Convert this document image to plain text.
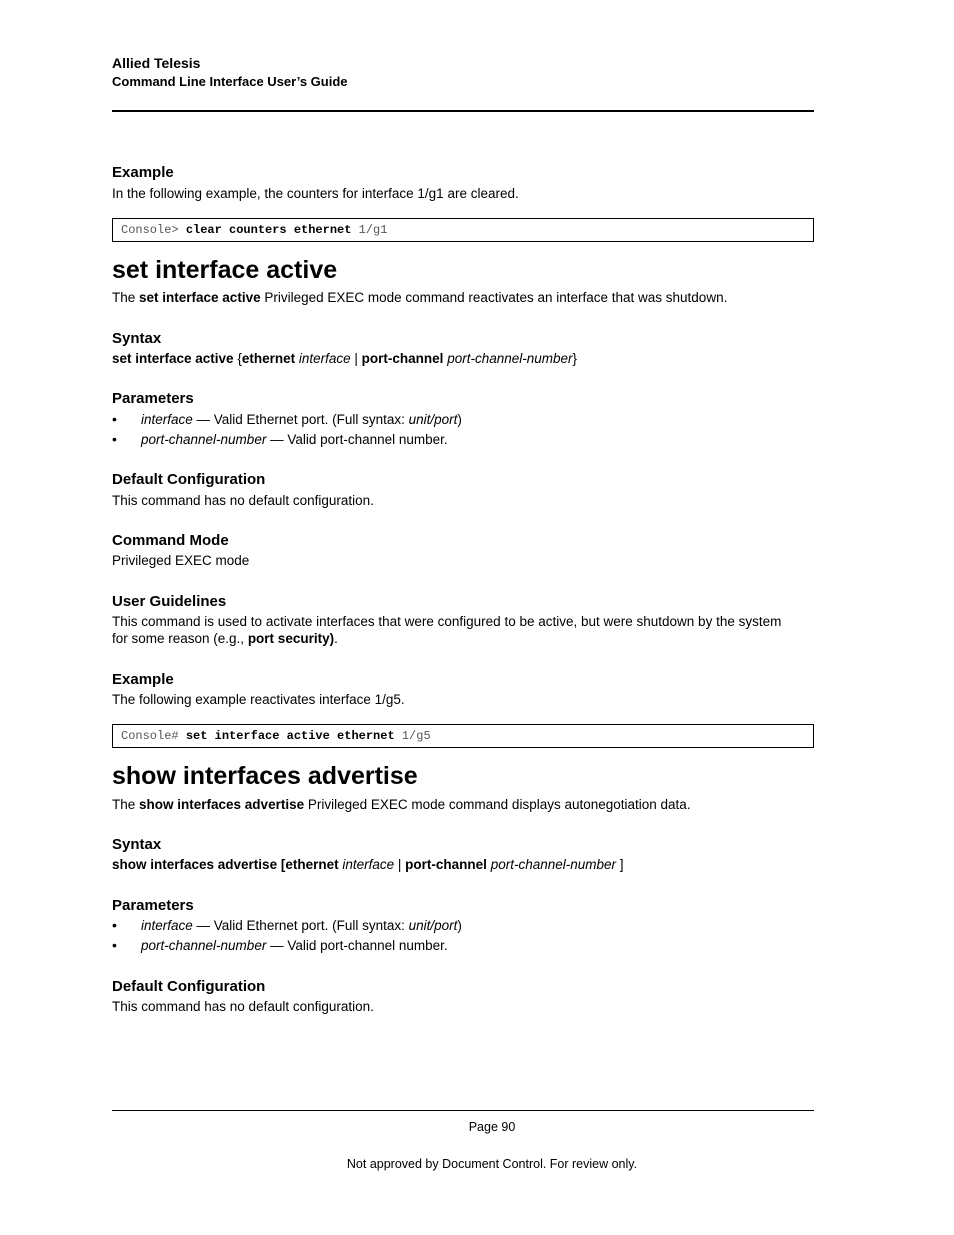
Allied Telesis
Command Line Interface User’s Guide
Example
In the following example, the counters for interface 1/g1 are cleared.
Console> clear counters ethernet 1/g1
set interface active
The set interface active Privileged EXEC mode command reactivates an interface that was shutdown.
Syntax
set interface active {ethernet interface | port-channel port-channel-number}
Parameters
• interface — Valid Ethernet port. (Full syntax: unit/port)
• port-channel-number — Valid port-channel number.
Default Configuration
This command has no default configuration.
Command Mode
Privileged EXEC mode
User Guidelines
This command is used to activate interfaces that were configured to be active, but were shutdown by the system
for some reason (e.g., port security).
Example
The following example reactivates interface 1/g5.
Console# set interface active ethernet 1/g5
show interfaces advertise
The show interfaces advertise Privileged EXEC mode command displays autonegotiation data.
Syntax
show interfaces advertise [ethernet interface | port-channel port-channel-number ]
Parameters
• interface — Valid Ethernet port. (Full syntax: unit/port)
• port-channel-number — Valid port-channel number.
Default Configuration
This command has no default configuration.
Page 90
Not approved by Document Control. For review only.
